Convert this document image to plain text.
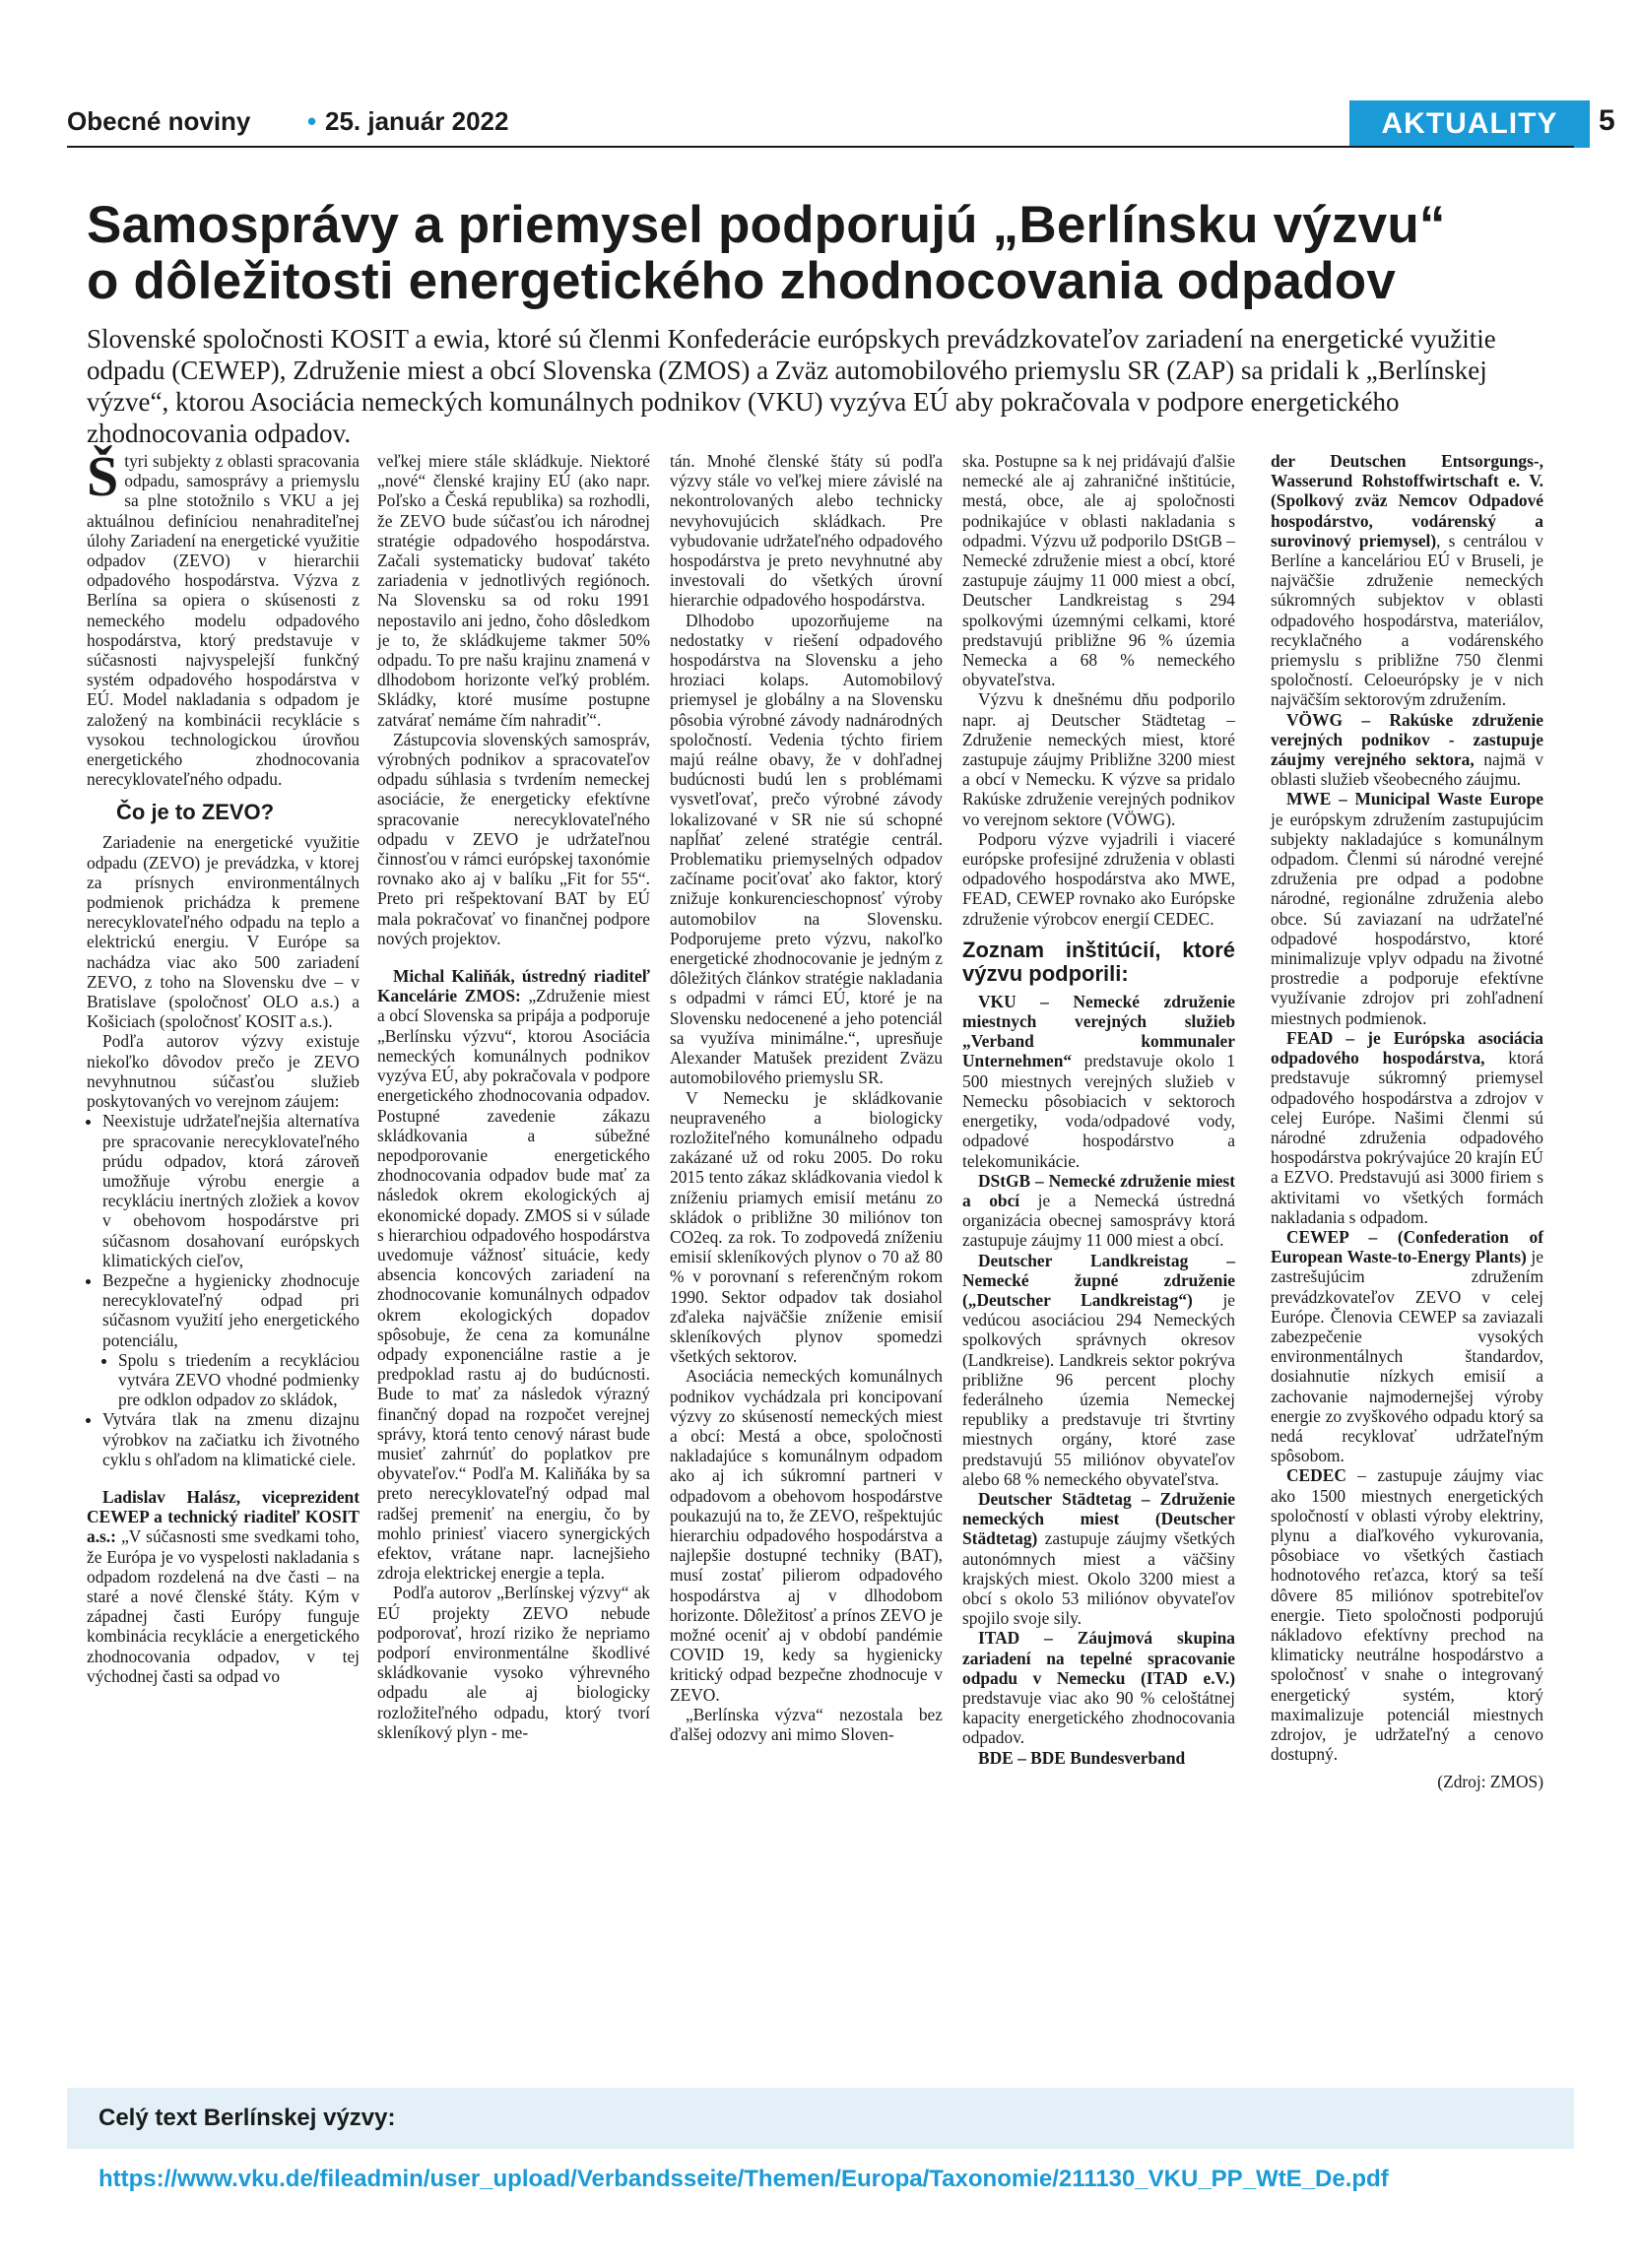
Obecné noviny • 25. január 2022	AKTUALITY	5
Samosprávy a priemysel podporujú „Berlínsku výzvu“
o dôležitosti energetického zhodnocovania odpadov
Slovenské spoločnosti KOSIT a ewia, ktoré sú členmi Konfederácie európskych prevádzkovateľov zariadení na energetické využitie odpadu (CEWEP), Združenie miest a obcí Slovenska (ZMOS) a Zväz automobilového priemyslu SR (ZAP) sa pridali k „Berlínskej výzve“, ktorou Asociácia nemeckých komunálnych podnikov (VKU) vyzýva EÚ aby pokračovala v podpore energetického zhodnocovania odpadov.

Štyri subjekty z oblasti spracovania odpadu, samosprávy a priemyslu sa plne stotožnilo s VKU a jej aktuálnou definíciou nenahraditeľnej úlohy Zariadení na energetické využitie odpadov (ZEVO) v hierarchii odpadového hospodárstva. Výzva z Berlína sa opiera o skúsenosti z nemeckého modelu odpadového hospodárstva, ktorý predstavuje v súčasnosti najvyspelejší funkčný systém odpadového hospodárstva v EÚ. Model nakladania s odpadom je založený na kombinácii recyklácie s vysokou technologickou úrovňou energetického zhodnocovania nerecyklovateľného odpadu.

Čo je to ZEVO?

Zariadenie na energetické využitie odpadu (ZEVO) je prevádzka, v ktorej za prísnych environmentálnych podmienok prichádza k premene nerecyklovateľného odpadu na teplo a elektrickú energiu. V Európe sa nachádza viac ako 500 zariadení ZEVO, z toho na Slovensku dve – v Bratislave (spoločnosť OLO a.s.) a Košiciach (spoločnosť KOSIT a.s.).

Podľa autorov výzvy existuje niekoľko dôvodov prečo je ZEVO nevyhnutnou súčasťou služieb poskytovaných vo verejnom záujem:

• Neexistuje udržateľnejšia alternatíva pre spracovanie nerecyklovateľného prúdu odpadov, ktorá zároveň umožňuje výrobu energie a recykláciu inertných zložiek a kovov v obehovom hospodárstve pri súčasnom dosahovaní európskych klimatických cieľov,
• Bezpečne a hygienicky zhodnocuje nerecyklovateľný odpad pri súčasnom využití jeho energetického potenciálu,
• Spolu s triedením a recykláciou vytvára ZEVO vhodné podmienky pre odklon odpadov zo skládok,
• Vytvára tlak na zmenu dizajnu výrobkov na začiatku ich životného cyklu s ohľadom na klimatické ciele.

Ladislav Halász, viceprezident CEWEP a technický riaditeľ KOSIT a.s.: „V súčasnosti sme svedkami toho, že Európa je vo vyspelosti nakladania s odpadom rozdelená na dve časti – na staré a nové členské štáty. Kým v západnej časti Európy funguje kombinácia recyklácie a energetického zhodnocovania odpadov, v tej východnej časti sa odpad vo

veľkej miere stále skládkuje. Niektoré „nové“ členské krajiny EÚ (ako napr. Poľsko a Česká republika) sa rozhodli, že ZEVO bude súčasťou ich národnej stratégie odpadového hospodárstva. Začali systematicky budovať takéto zariadenia v jednotlivých regiónoch. Na Slovensku sa od roku 1991 nepostavilo ani jedno, čoho dôsledkom je to, že skládkujeme takmer 50% odpadu. To pre našu krajinu znamená v dlhodobom horizonte veľký problém. Skládky, ktoré musíme postupne zatvárať nemáme čím nahradiť“.

Zástupcovia slovenských samospráv, výrobných podnikov a spracovateľov odpadu súhlasia s tvrdením nemeckej asociácie, že energeticky efektívne spracovanie nerecyklovateľného odpadu v ZEVO je udržateľnou činnosťou v rámci európskej taxonómie rovnako ako aj v balíku „Fit for 55“. Preto pri rešpektovaní BAT by EÚ mala pokračovať vo finančnej podpore nových projektov.

Michal Kaliňák, ústredný riaditeľ Kancelárie ZMOS: „Združenie miest a obcí Slovenska sa pripája a podporuje „Berlínsku výzvu“, ktorou Asociácia nemeckých komunálnych podnikov vyzýva EÚ, aby pokračovala v podpore energetického zhodnocovania odpadov. Postupné zavedenie zákazu skládkovania a súbežné nepodporovanie energetického zhodnocovania odpadov bude mať za následok okrem ekologických aj ekonomické dopady. ZMOS si v súlade s hierarchiou odpadového hospodárstva uvedomuje vážnosť situácie, kedy absencia koncových zariadení na zhodnocovanie komunálnych odpadov okrem ekologických dopadov spôsobuje, že cena za komunálne odpady exponenciálne rastie a je predpoklad rastu aj do budúcnosti. Bude to mať za následok výrazný finančný dopad na rozpočet verejnej správy, ktorá tento cenový nárast bude musieť zahrnúť do poplatkov pre obyvateľov.“ Podľa M. Kaliňáka by sa preto nerecyklovateľný odpad mal radšej premeniť na energiu, čo by mohlo priniesť viacero synergických efektov, vrátane napr. lacnejšieho zdroja elektrickej energie a tepla.

Podľa autorov „Berlínskej výzvy“ ak EÚ projekty ZEVO nebude podporovať, hrozí riziko že nepriamo podporí environmentálne škodlivé skládkovanie vysoko výhrevného odpadu ale aj biologicky rozložiteľného odpadu, ktorý tvorí skleníkový plyn - me-

tán. Mnohé členské štáty sú podľa výzvy stále vo veľkej miere závislé na nekontrolovaných alebo technicky nevyhovujúcich skládkach. Pre vybudovanie udržateľného odpadového hospodárstva je preto nevyhnutné aby investovali do všetkých úrovní hierarchie odpadového hospodárstva.

Dlhodobo upozorňujeme na nedostatky v riešení odpadového hospodárstva na Slovensku a jeho hroziaci kolaps. Automobilový priemysel je globálny a na Slovensku pôsobia výrobné závody nadnárodných spoločností. Vedenia týchto firiem majú reálne obavy, že v dohľadnej budúcnosti budú len s problémami vysvetľovať, prečo výrobné závody lokalizované v SR nie sú schopné napĺňať zelené stratégie centrál. Problematiku priemyselných odpadov začíname pociťovať ako faktor, ktorý znižuje konkurencieschopnosť výroby automobilov na Slovensku. Podporujeme preto výzvu, nakoľko energetické zhodnocovanie je jedným z dôležitých článkov stratégie nakladania s odpadmi v rámci EÚ, ktoré je na Slovensku nedocenené a jeho potenciál sa využíva minimálne.“, upresňuje Alexander Matušek prezident Zväzu automobilového priemyslu SR.

V Nemecku je skládkovanie neupraveného a biologicky rozložiteľného komunálneho odpadu zakázané už od roku 2005. Do roku 2015 tento zákaz skládkovania viedol k zníženiu priamych emisií metánu zo skládok o približne 30 miliónov ton CO2eq. za rok. To zodpovedá zníženiu emisií skleníkových plynov o 70 až 80 % v porovnaní s referenčným rokom 1990. Sektor odpadov tak dosiahol zďaleka najväčšie zníženie emisií skleníkových plynov spomedzi všetkých sektorov.

Asociácia nemeckých komunálnych podnikov vychádzala pri koncipovaní výzvy zo skúseností nemeckých miest a obcí: Mestá a obce, spoločnosti nakladajúce s komunálnym odpadom ako aj ich súkromní partneri v odpadovom a obehovom hospodárstve poukazujú na to, že ZEVO, rešpektujúc hierarchiu odpadového hospodárstva a najlepšie dostupné techniky (BAT), musí zostať pilierom odpadového hospodárstva aj v dlhodobom horizonte. Dôležitosť a prínos ZEVO je možné oceniť aj v období pandémie COVID 19, kedy sa hygienicky kritický odpad bezpečne zhodnocuje v ZEVO.

„Berlínska výzva“ nezostala bez ďalšej odozvy ani mimo Sloven-

ska. Postupne sa k nej pridávajú ďalšie nemecké ale aj zahraničné inštitúcie, mestá, obce, ale aj spoločnosti podnikajúce v oblasti nakladania s odpadmi. Výzvu už podporilo DStGB – Nemecké združenie miest a obcí, ktoré zastupuje záujmy 11 000 miest a obcí, Deutscher Landkreistag s 294 spolkovými územnými celkami, ktoré predstavujú približne 96 % územia Nemecka a 68 % nemeckého obyvateľstva.

Výzvu k dnešnému dňu podporilo napr. aj Deutscher Städtetag – Združenie nemeckých miest, ktoré zastupuje záujmy Približne 3200 miest a obcí v Nemecku. K výzve sa pridalo Rakúske združenie verejných podnikov vo verejnom sektore (VÖWG).

Podporu výzve vyjadrili i viaceré európske profesijné združenia v oblasti odpadového hospodárstva ako MWE, FEAD, CEWEP rovnako ako Európske združenie výrobcov energií CEDEC.

Zoznam inštitúcií, ktoré výzvu podporili:

VKU – Nemecké združenie miestnych verejných služieb „Verband kommunaler Unternehmen“ predstavuje okolo 1 500 miestnych verejných služieb v Nemecku pôsobiacich v sektoroch energetiky, voda/odpadové vody, odpadové hospodárstvo a telekomunikácie.

DStGB – Nemecké združenie miest a obcí je a Nemecká ústredná organizácia obecnej samosprávy ktorá zastupuje záujmy 11 000 miest a obcí.

Deutscher Landkreistag – Nemecké župné združenie („Deutscher Landkreistag“) je vedúcou asociáciou 294 Nemeckých spolkových správnych okresov (Landkreise). Landkreis sektor pokrýva približne 96 percent plochy federálneho územia Nemeckej republiky a predstavuje tri štvrtiny miestnych orgány, ktoré zase predstavujú 55 miliónov obyvateľov alebo 68 % nemeckého obyvateľstva.

Deutscher Städtetag – Združenie nemeckých miest (Deutscher Städtetag) zastupuje záujmy všetkých autonómnych miest a väčšiny krajských miest. Okolo 3200 miest a obcí s okolo 53 miliónov obyvateľov spojilo svoje sily.

ITAD – Záujmová skupina zariadení na tepelné spracovanie odpadu v Nemecku (ITAD e.V.) predstavuje viac ako 90 % celoštátnej kapacity energetického zhodnocovania odpadov.

BDE – BDE Bundesverband

der Deutschen Entsorgungs-, Wasserund Rohstoffwirtschaft e. V. (Spolkový zväz Nemcov Odpadové hospodárstvo, vodárenský a surovinový priemysel), s centrálou v Berlíne a kanceláriou EÚ v Bruseli, je najväčšie združenie nemeckých súkromných subjektov v oblasti odpadového hospodárstva, materiálov, recyklačného a vodárenského priemyslu s približne 750 členmi spoločností. Celoeurópsky je v nich najväčším sektorovým združením.

VÖWG – Rakúske združenie verejných podnikov - zastupuje záujmy verejného sektora, najmä v oblasti služieb všeobecného záujmu.

MWE – Municipal Waste Europe je európskym združením zastupujúcim subjekty nakladajúce s komunálnym odpadom. Členmi sú národné verejné združenia pre odpad a podobne národné, regionálne združenia alebo obce. Sú zaviazaní na udržateľné odpadové hospodárstvo, ktoré minimalizuje vplyv odpadu na životné prostredie a podporuje efektívne využívanie zdrojov pri zohľadnení miestnych podmienok.

FEAD – je Európska asociácia odpadového hospodárstva, ktorá predstavuje súkromný priemysel odpadového hospodárstva a zdrojov v celej Európe. Našimi členmi sú národné združenia odpadového hospodárstva pokrývajúce 20 krajín EÚ a EZVO. Predstavujú asi 3000 firiem s aktivitami vo všetkých formách nakladania s odpadom.

CEWEP – (Confederation of European Waste-to-Energy Plants) je zastrešujúcim združením prevádzkovateľov ZEVO v celej Európe. Členovia CEWEP sa zaviazali zabezpečenie vysokých environmentálnych štandardov, dosiahnutie nízkych emisií a zachovanie najmodernejšej výroby energie zo zvyškového odpadu ktorý sa nedá recyklovať udržateľným spôsobom.

CEDEC – zastupuje záujmy viac ako 1500 miestnych energetických spoločností v oblasti výroby elektriny, plynu a diaľkového vykurovania, pôsobiace vo všetkých častiach hodnotového reťazca, ktorý sa teší dôvere 85 miliónov spotrebiteľov energie. Tieto spoločnosti podporujú nákladovo efektívny prechod na klimaticky neutrálne hospodárstvo a spoločnosť v snahe o integrovaný energetický systém, ktorý maximalizuje potenciál miestnych zdrojov, je udržateľný a cenovo dostupný.

(Zdroj: ZMOS)

Celý text Berlínskej výzvy: https://www.vku.de/fileadmin/user_upload/Verbandsseite/Themen/Europa/Taxonomie/211130_VKU_PP_WtE_De.pdf
